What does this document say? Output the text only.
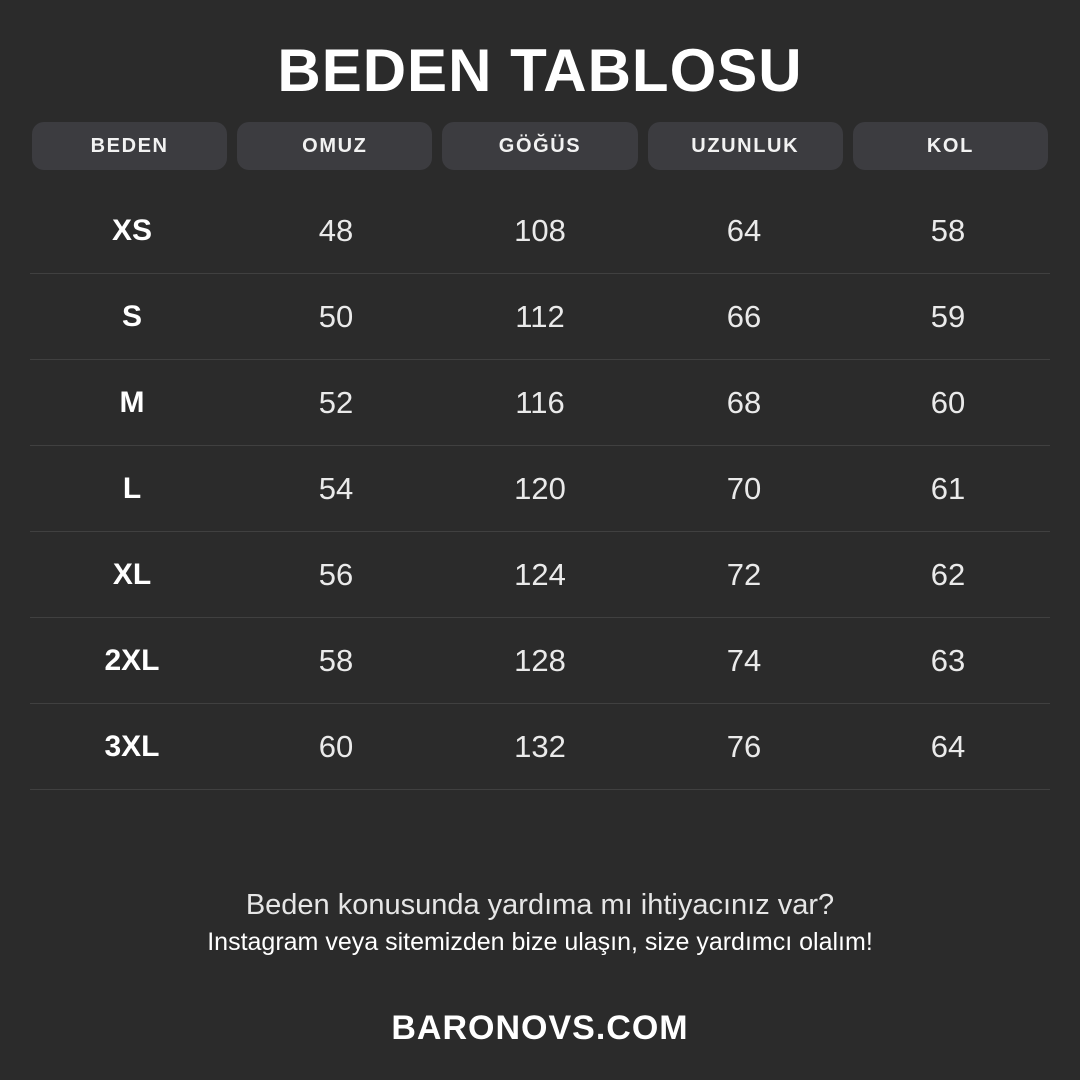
BEDEN TABLOSU
BEDEN	OMUZ	GÖĞÜS	UZUNLUK	KOL
XS	48	108	64	58
S	50	112	66	59
M	52	116	68	60
L	54	120	70	61
XL	56	124	72	62
2XL	58	128	74	63
3XL	60	132	76	64
Beden konusunda yardıma mı ihtiyacınız var?
Instagram veya sitemizden bize ulaşın, size yardımcı olalım!
BARONOVS.COM
